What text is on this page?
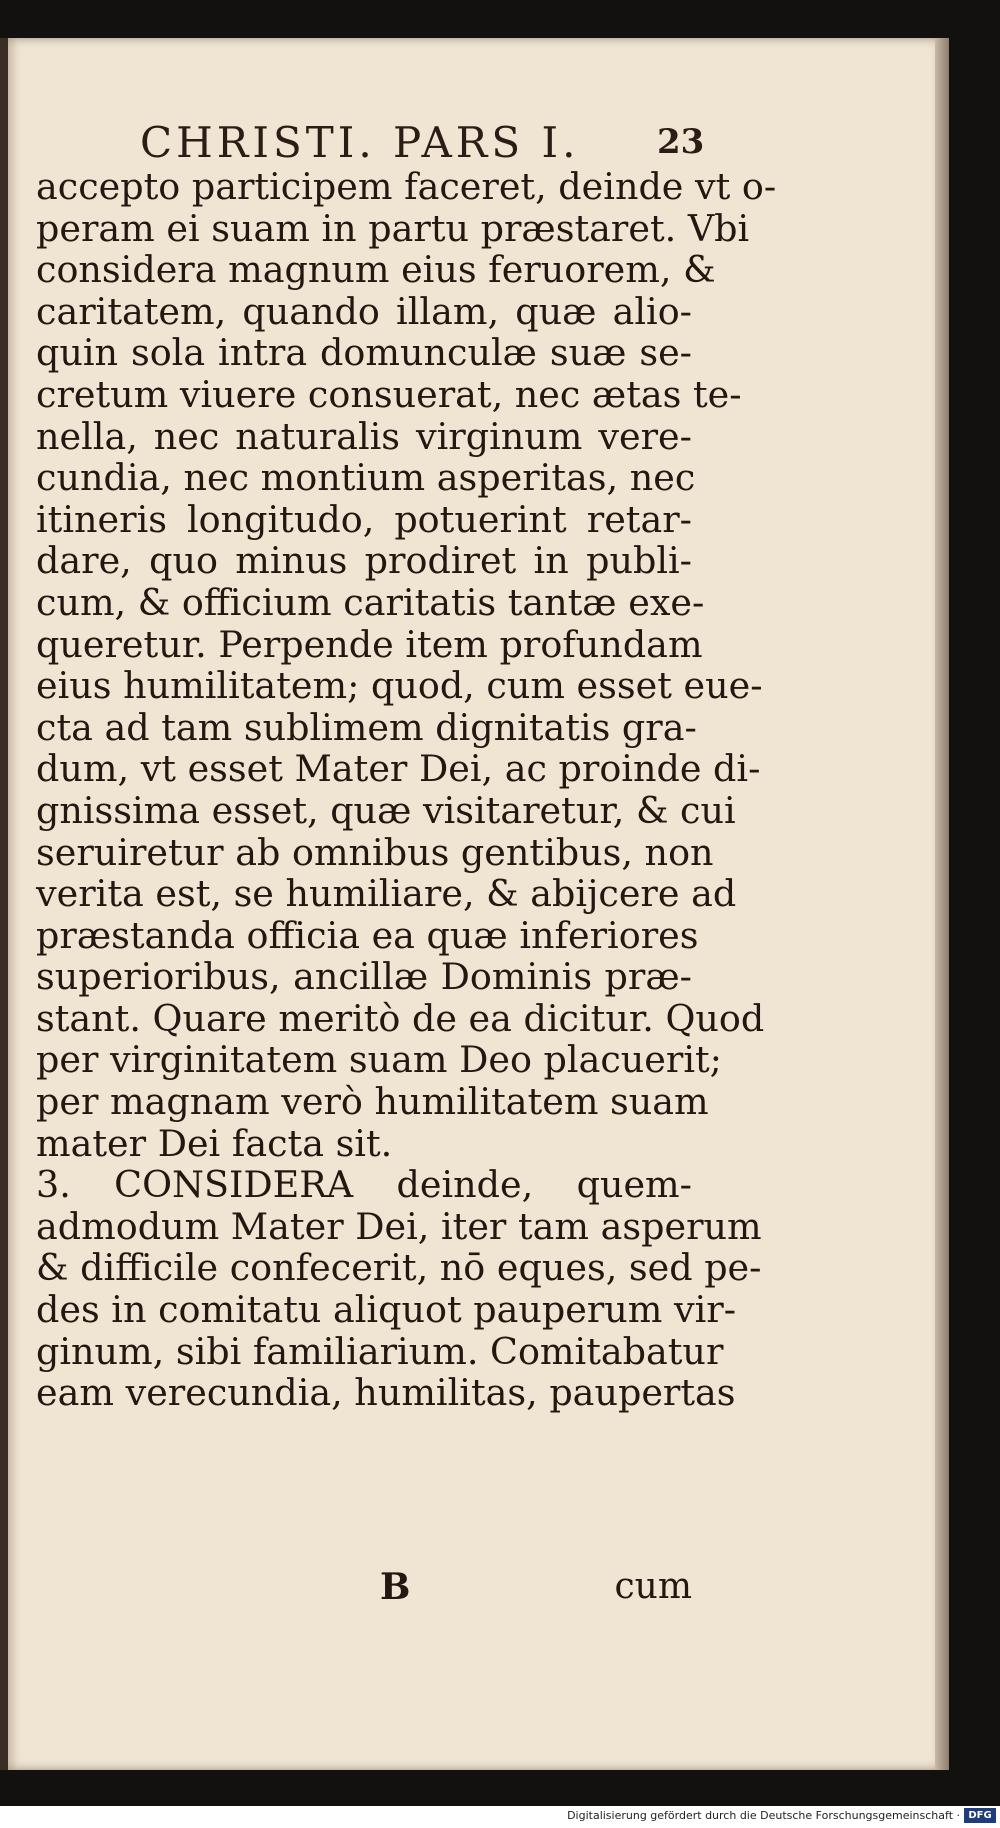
CHRISTI. PARS I.	23
accepto participem faceret, deinde vt o-
peram ei suam in partu præstaret. Vbi
considera magnum eius feruorem, &
caritatem, quando illam, quæ alio-
quin sola intra domunculæ suæ se-
cretum viuere consuerat, nec ætas te-
nella, nec naturalis virginum vere-
cundia, nec montium asperitas, nec
itineris longitudo, potuerint retar-
dare, quo minus prodiret in publi-
cum, & officium caritatis tantæ exe-
queretur. Perpende item profundam
eius humilitatem; quod, cum esset eue-
cta ad tam sublimem dignitatis gra-
dum, vt esset Mater Dei, ac proinde di-
gnissima esset, quæ visitaretur, & cui
seruiretur ab omnibus gentibus, non
verita est, se humiliare, & abijcere ad
præstanda officia ea quæ inferiores
superioribus, ancillæ Dominis præ-
stant. Quare meritò de ea dicitur. Quod
per virginitatem suam Deo placuerit;
per magnam verò humilitatem suam
mater Dei facta sit.
3. CONSIDERA deinde, quem-
admodum Mater Dei, iter tam asperum
& difficile confecerit, nō eques, sed pe-
des in comitatu aliquot pauperum vir-
ginum, sibi familiarium. Comitabatur
eam verecundia, humilitas, paupertas
B	cum
Digitalisierung gefördert durch die Deutsche Forschungsgemeinschaft · DFG
